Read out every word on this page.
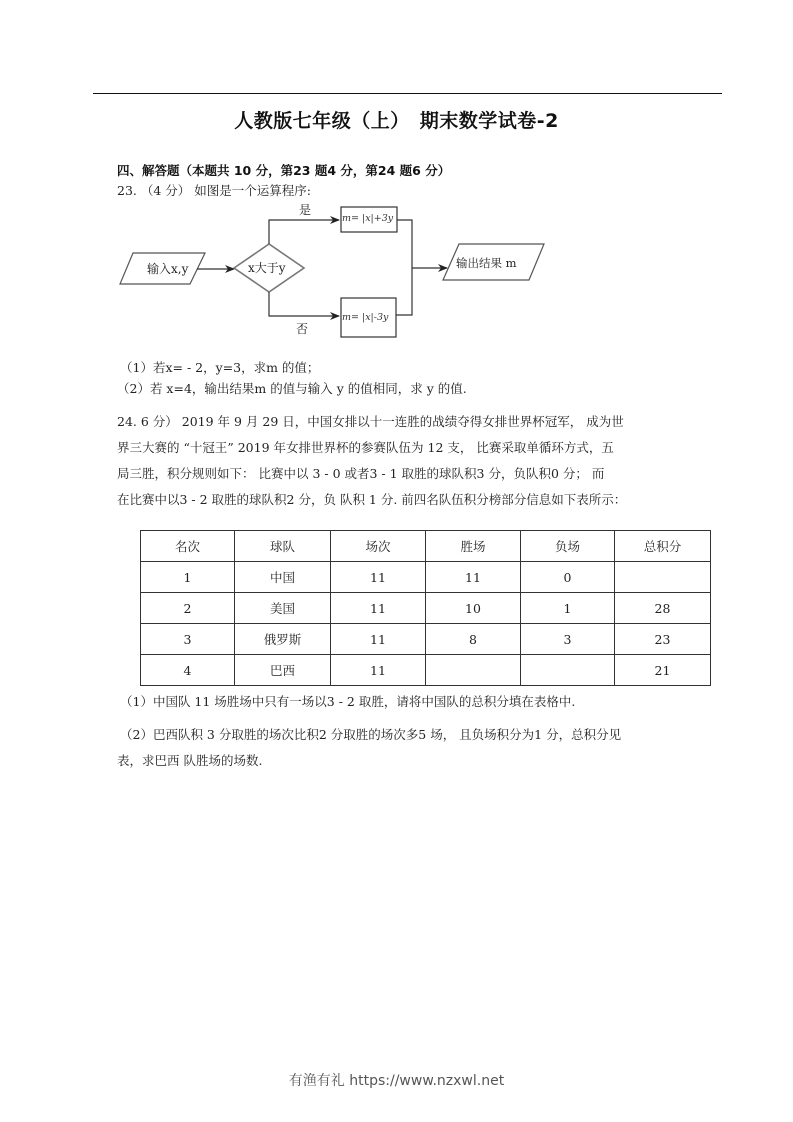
人教版七年级（上）　期末数学试卷-2
四、解答题（本题共 10 分，第23 题4 分，第24 题6 分）
23. （4 分） 如图是一个运算程序:
输入x,y	x大于y
是
否
m= |x|+3y
m= |x|-3y
输出结果 m
（1）若x= - 2，y=3，求m 的值；
（2）若 x=4，输出结果m 的值与输入 y 的值相同，求 y 的值.
24. 6 分） 2019 年 9 月 29 日，中国女排以十一连胜的战绩夺得女排世界杯冠军， 成为世
界三大赛的 “十冠王” 2019 年女排世界杯的参赛队伍为 12 支， 比赛采取单循环方式，五
局三胜，积分规则如下： 比赛中以 3 - 0 或者3 - 1 取胜的球队积3 分，负队积0 分； 而
在比赛中以3 - 2 取胜的球队积2 分，负 队积 1 分. 前四名队伍积分榜部分信息如下表所示：
名次	球队	场次	胜场	负场	总积分
1	中国	11	11	0	
2	美国	11	10	1	28
3	俄罗斯	11	8	3	23
4	巴西	11			21
（1）中国队 11 场胜场中只有一场以3 - 2 取胜，请将中国队的总积分填在表格中.
（2）巴西队积 3 分取胜的场次比积2 分取胜的场次多5 场， 且负场积分为1 分，总积分见
表，求巴西 队胜场的场数.
有渔有礼 https://www.nzxwl.net
